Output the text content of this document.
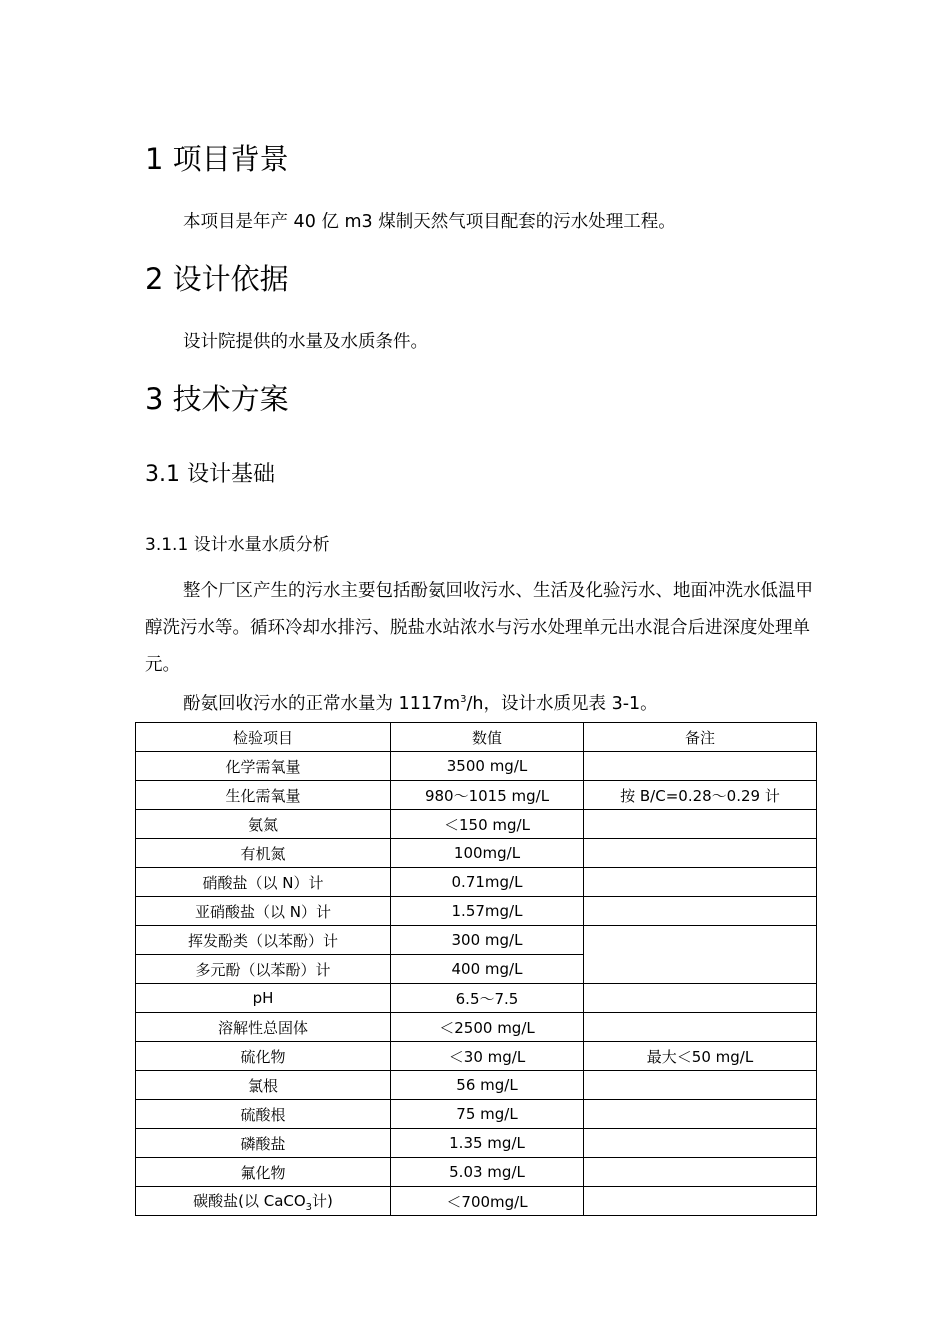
1 项目背景
本项目是年产 40 亿 m3 煤制天然气项目配套的污水处理工程。
2 设计依据
设计院提供的水量及水质条件。
3 技术方案
3.1 设计基础
3.1.1 设计水量水质分析
整个厂区产生的污水主要包括酚氨回收污水、生活及化验污水、地面冲洗水低温甲醇洗污水等。循环冷却水排污、脱盐水站浓水与污水处理单元出水混合后进深度处理单元。
酚氨回收污水的正常水量为 $1117m^3/h$，设计水质见表 3-1。
检验项目	数值	备注
化学需氧量	3500 mg/L	
生化需氧量	980～1015 mg/L	按 B/C=0.28～0.29 计
氨氮	＜150 mg/L	
有机氮	100mg/L	
硝酸盐（以 N）计	0.71mg/L	
亚硝酸盐（以 N）计	1.57mg/L	
挥发酚类（以苯酚）计	300 mg/L	
多元酚（以苯酚）计	400 mg/L	
pH	6.5～7.5	
溶解性总固体	＜2500 mg/L	
硫化物	＜30 mg/L	最大＜50 mg/L
氯根	56 mg/L	
硫酸根	75 mg/L	
磷酸盐	1.35 mg/L	
氟化物	5.03 mg/L	
碳酸盐(以 CaCO$_3$计)	＜700mg/L	
